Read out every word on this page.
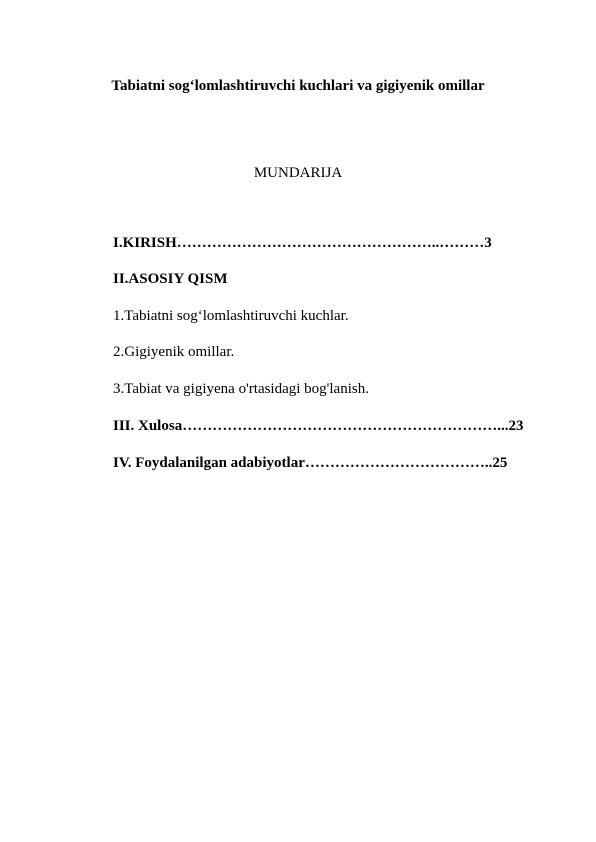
Tabiatni sog‘lomlashtiruvchi kuchlari va gigiyenik omillar
MUNDARIJA
I.KIRISH……………………………………………..………3
II.ASOSIY QISM
1.Tabiatni sog‘lomlashtiruvchi kuchlar.
2.Gigiyenik omillar.
3.Tabiat va gigiyena o'rtasidagi bog'lanish.
III. Xulosa………………………………………………………...23
IV. Foydalanilgan adabiyotlar………………………………..25
